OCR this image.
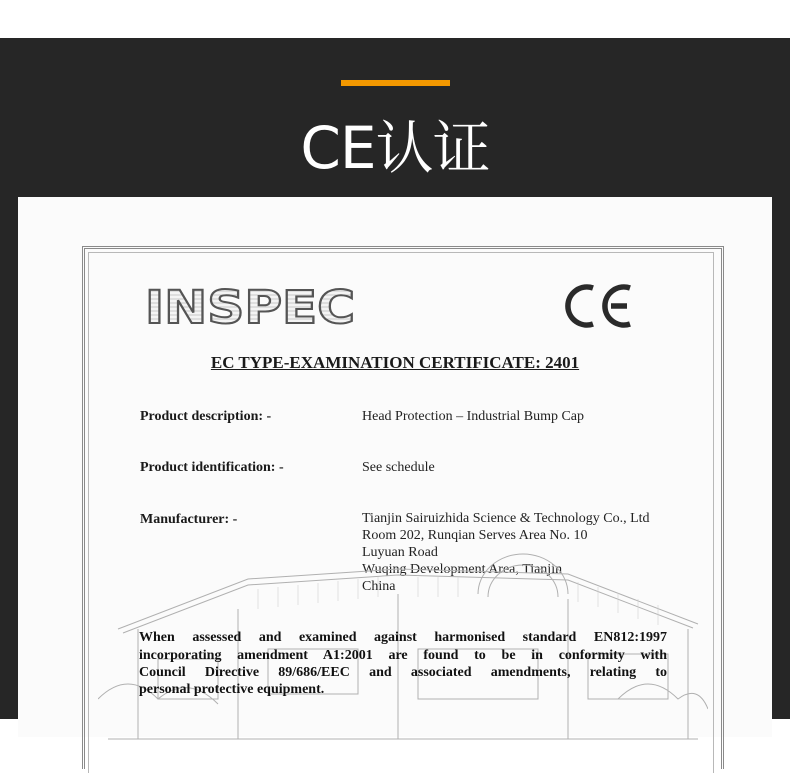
CE认证
INSPEC
EC TYPE-EXAMINATION CERTIFICATE: 2401
Product description: -	Head Protection – Industrial Bump Cap
Product identification: -	See schedule
Manufacturer: -	Tianjin Sairuizhida Science & Technology Co., Ltd
Room 202, Runqian Serves Area No. 10
Luyuan Road
Wuqing Development Area, Tianjin
China
When assessed and examined against harmonised standard EN812:1997
incorporating amendment A1:2001 are found to be in conformity with
Council Directive 89/686/EEC and associated amendments, relating to
personal protective equipment.
